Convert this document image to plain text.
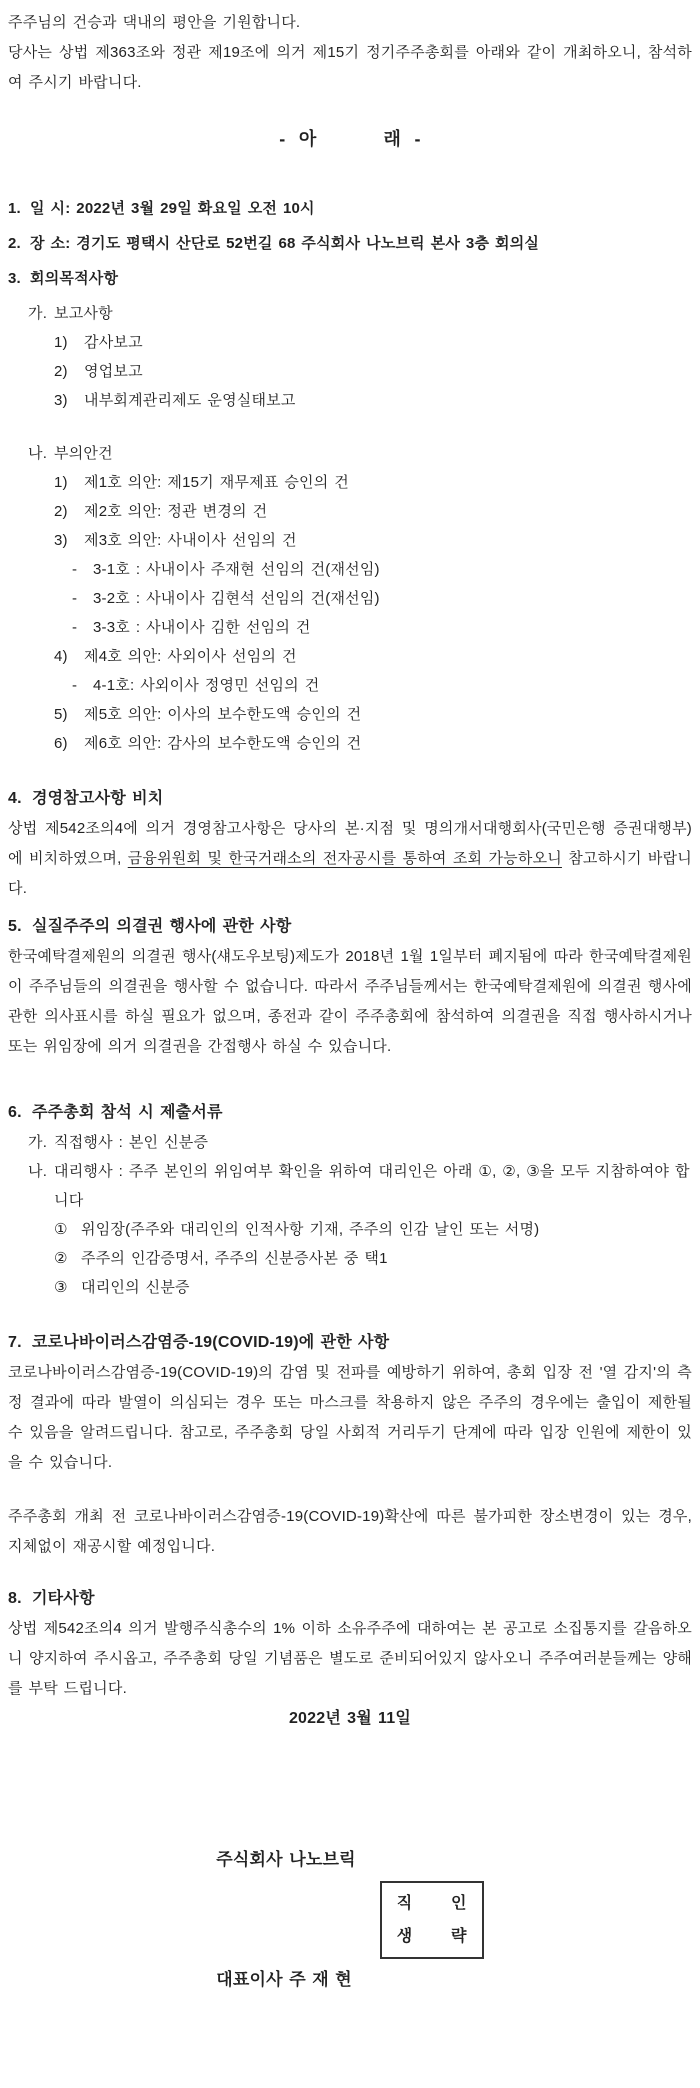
주주님의 건승과 댁내의 평안을 기원합니다.

당사는 상법 제363조와 정관 제19조에 의거 제15기 정기주주총회를 아래와 같이 개최하오니, 참석하여 주시기 바랍니다.

-  아          래  -
1. 일 시: 2022년 3월 29일 화요일 오전 10시
2. 장 소: 경기도 평택시 산단로 52번길 68 주식회사 나노브릭 본사 3층 회의실
3. 회의목적사항
가. 보고사항
1)	감사보고
2)	영업보고
3)	내부회계관리제도 운영실태보고
나. 부의안건
1)	제1호 의안: 제15기 재무제표 승인의 건
2)	제2호 의안: 정관 변경의 건
3)	제3호 의안: 사내이사 선임의 건
-	3-1호 : 사내이사 주재현 선임의 건(재선임)
-	3-2호 : 사내이사 김현석 선임의 건(재선임)
-	3-3호 : 사내이사 김한 선임의 건
4)	제4호 의안: 사외이사 선임의 건
-	4-1호: 사외이사 정영민 선임의 건
5)	제5호 의안: 이사의 보수한도액 승인의 건
6)	제6호 의안: 감사의 보수한도액 승인의 건
4. 경영참고사항 비치

상법 제542조의4에 의거 경영참고사항은 당사의 본·지점 및 명의개서대행회사(국민은행 증권대행부)에 비치하였으며, 금융위원회 및 한국거래소의 전자공시를 통하여 조회 가능하오니 참고하시기 바랍니다.

5. 실질주주의 의결권 행사에 관한 사항

한국예탁결제원의 의결권 행사(섀도우보팅)제도가 2018년 1월 1일부터 폐지됨에 따라 한국예탁결제원이 주주님들의 의결권을 행사할 수 없습니다. 따라서 주주님들께서는 한국예탁결제원에 의결권 행사에 관한 의사표시를 하실 필요가 없으며, 종전과 같이 주주총회에 참석하여 의결권을 직접 행사하시거나 또는 위임장에 의거 의결권을 간접행사 하실 수 있습니다.

6. 주주총회 참석 시 제출서류
가. 직접행사 : 본인 신분증
나. 대리행사 : 주주 본인의 위임여부 확인을 위하여 대리인은 아래 ①, ②, ③을 모두 지참하여야 합니다
① 위임장(주주와 대리인의 인적사항 기재, 주주의 인감 날인 또는 서명)
② 주주의 인감증명서, 주주의 신분증사본 중 택1
③ 대리인의 신분증
7. 코로나바이러스감염증-19(COVID-19)에 관한 사항

코로나바이러스감염증-19(COVID-19)의 감염 및 전파를 예방하기 위하여, 총회 입장 전 '열 감지'의 측정 결과에 따라 발열이 의심되는 경우 또는 마스크를 착용하지 않은 주주의 경우에는 출입이 제한될 수 있음을 알려드립니다. 참고로, 주주총회 당일 사회적 거리두기 단계에 따라 입장 인원에 제한이 있을 수 있습니다.

주주총회 개최 전 코로나바이러스감염증-19(COVID-19)확산에 따른 불가피한 장소변경이 있는 경우, 지체없이 재공시할 예정입니다.

8. 기타사항

상법 제542조의4 의거 발행주식총수의 1% 이하 소유주주에 대하여는 본 공고로 소집통지를 갈음하오니 양지하여 주시옵고, 주주총회 당일 기념품은 별도로 준비되어있지 않사오니 주주여러분들께는 양해를 부탁 드립니다.

2022년 3월 11일

주식회사 나노브릭

대표이사 주 재 현

직 인
생 략
